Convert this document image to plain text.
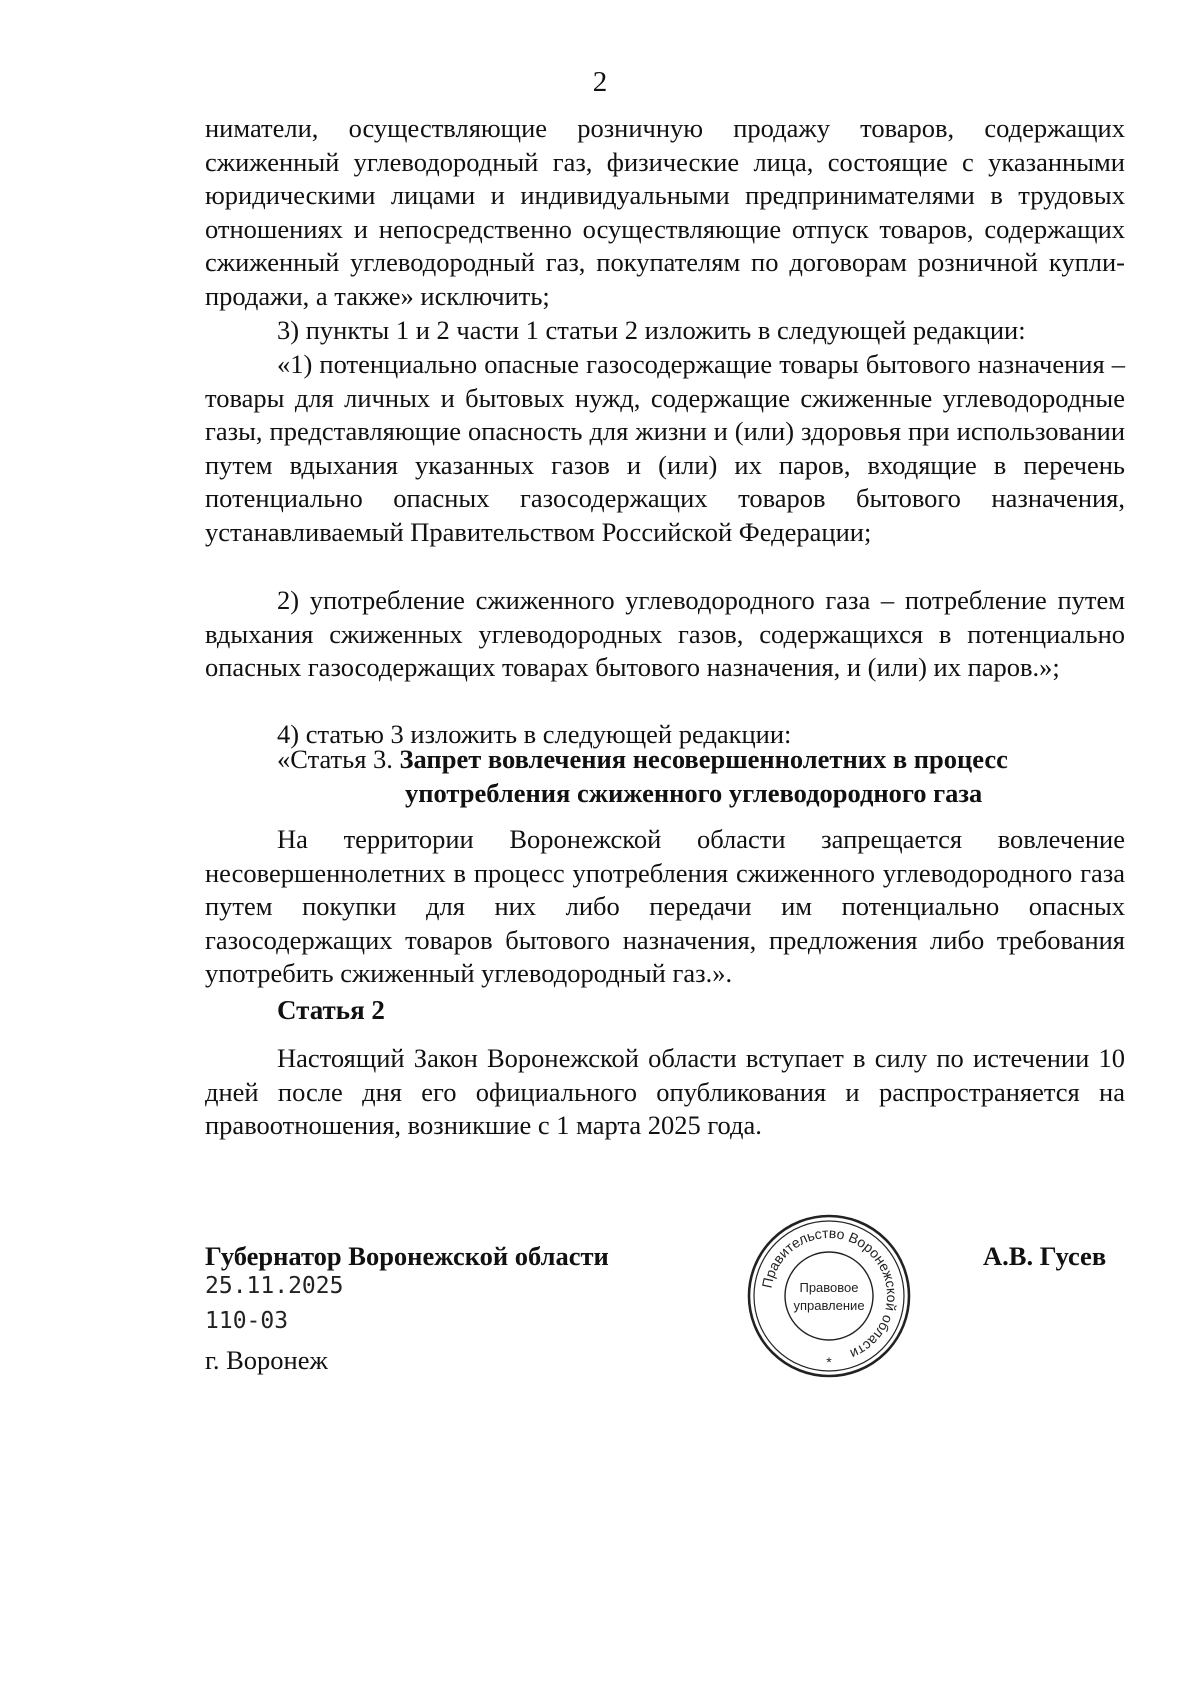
2

ниматели, осуществляющие розничную продажу товаров, содержащих сжиженный углеводородный газ, физические лица, состоящие с указанными юридическими лицами и индивидуальными предпринимателями в трудовых отношениях и непосредственно осуществляющие отпуск товаров, содержащих сжиженный углеводородный газ, покупателям по договорам розничной купли-продажи, а также» исключить;

3) пункты 1 и 2 части 1 статьи 2 изложить в следующей редакции:

«1) потенциально опасные газосодержащие товары бытового назначения – товары для личных и бытовых нужд, содержащие сжиженные углеводородные газы, представляющие опасность для жизни и (или) здоровья при использовании путем вдыхания указанных газов и (или) их паров, входящие в перечень потенциально опасных газосодержащих товаров бытового назначения, устанавливаемый Правительством Российской Федерации;

2) употребление сжиженного углеводородного газа – потребление путем вдыхания сжиженных углеводородных газов, содержащихся в потенциально опасных газосодержащих товарах бытового назначения, и (или) их паров.»;

4) статью 3 изложить в следующей редакции:

«Статья 3. Запрет вовлечения несовершеннолетних в процесс
употребления сжиженного углеводородного газа

На территории Воронежской области запрещается вовлечение несовершеннолетних в процесс употребления сжиженного углеводородного газа путем покупки для них либо передачи им потенциально опасных газосодержащих товаров бытового назначения, предложения либо требования употребить сжиженный углеводородный газ.».

Статья 2

Настоящий Закон Воронежской области вступает в силу по истечении 10 дней после дня его официального опубликования и распространяется на правоотношения, возникшие с 1 марта 2025 года.

Губернатор Воронежской области	А.В. Гусев
25.11.2025
110-03
г. Воронеж
Правительство Воронежской области
Правовое
управление
*
